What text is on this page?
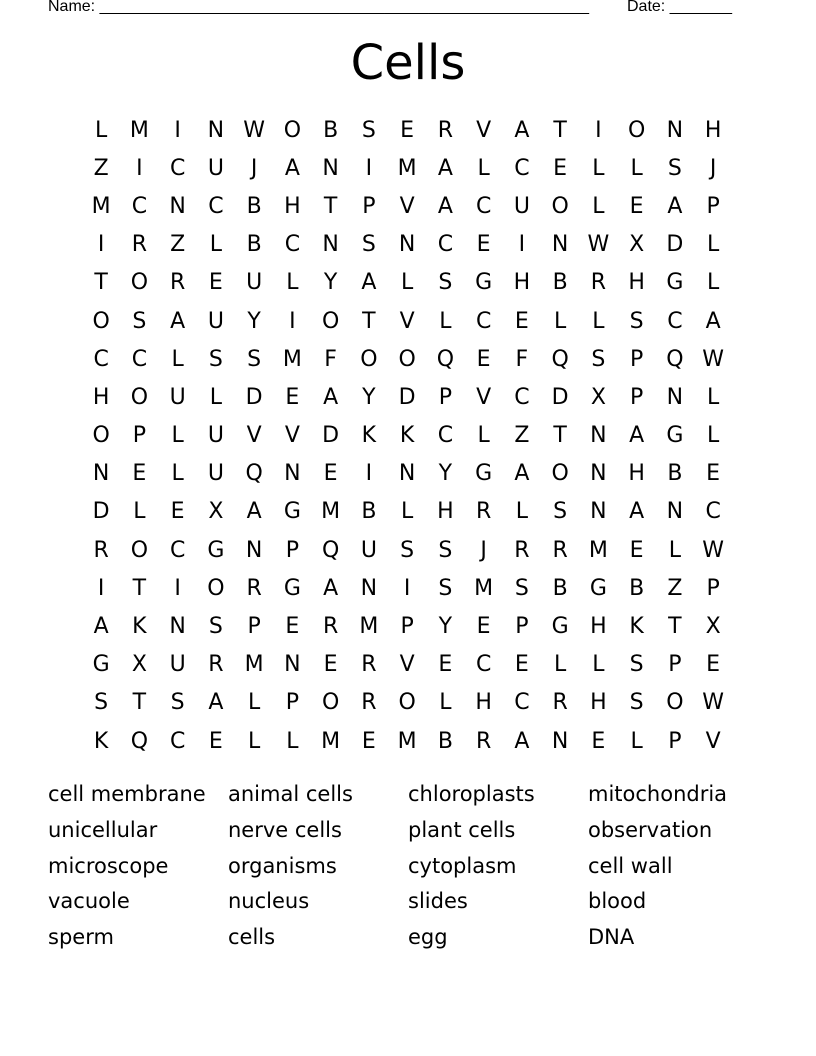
Name: _______________________________________________________ Date: _______
Cells
L	M	I	N W O	B	S	E	R	V	A	T	I	O N H
Z	I	C	U	J	A	N	I	M A	L	C	E	L	L	S	J
M C	N	C	B	H	T	P	V	A	C	U O	L	E	A	P
I	R	Z	L	B	C	N	S	N	C	E	I	N W X	D	L
T	O R	E	U	L	Y	A	L	S	G H	B	R	H G	L
O	S	A	U	Y	I	O	T	V	L	C	E	L	L	S	C	A
C	C	L	S	S M	F	O O Q	E	F	Q	S	P	Q W
H O U	L	D	E	A	Y	D	P	V	C	D	X	P	N	L
O	P	L	U	V	V	D	K	K	C	L	Z	T	N	A	G	L
N	E	L	U Q N	E	I	N	Y	G	A	O N H	B	E
D	L	E	X	A	G M B	L	H	R	L	S	N	A	N	C
R O C	G N	P	Q U	S	S	J	R	R M E	L W
I	T	I	O R	G	A	N	I	S M S	B	G	B	Z	P
A	K	N	S	P	E	R M	P	Y	E	P	G H	K	T	X
G	X	U	R M N	E	R	V	E	C	E	L	L	S	P	E
S	T	S	A	L	P	O R O	L	H	C	R	H	S	O W
K	Q C	E	L	L	M E M B	R	A	N	E	L	P	V
cell membrane	animal cells	chloroplasts	mitochondria
unicellular	nerve cells	plant cells	observation
microscope	organisms	cytoplasm	cell wall
vacuole	nucleus	slides	blood
sperm	cells	egg	DNA
